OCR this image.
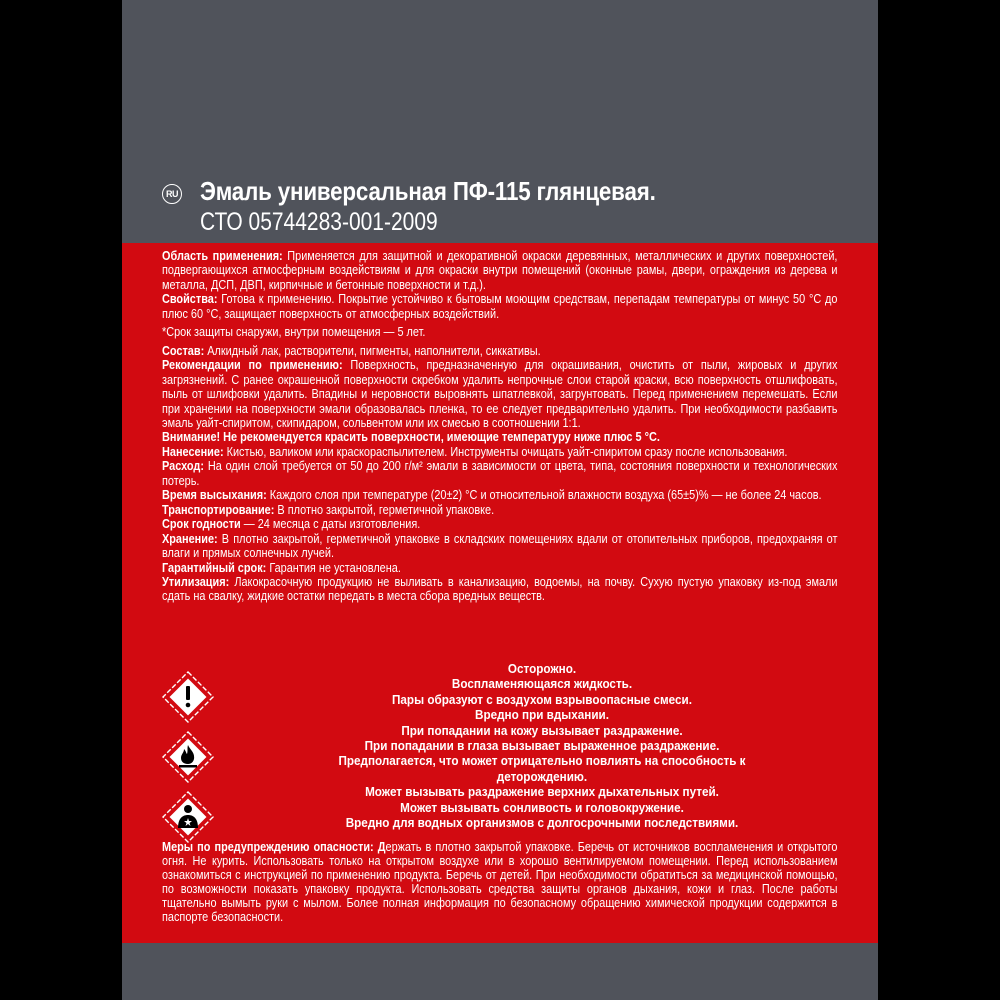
RU Эмаль универсальная ПФ-115 глянцевая.
СТО 05744283-001-2009

Область применения: Применяется для защитной и декоративной окраски деревянных, металлических и других поверхностей, подвергающихся атмосферным воздействиям и для окраски внутри помещений (оконные рамы, двери, ограждения из дерева и металла, ДСП, ДВП, кирпичные и бетонные поверхности и т.д.).

Свойства: Готова к применению. Покрытие устойчиво к бытовым моющим средствам, перепадам температуры от минус 50 °С до плюс 60 °С, защищает поверхность от атмосферных воздействий.

*Срок защиты снаружи, внутри помещения — 5 лет.

Состав: Алкидный лак, растворители, пигменты, наполнители, сиккативы.

Рекомендации по применению: Поверхность, предназначенную для окрашивания, очистить от пыли, жировых и других загрязнений. С ранее окрашенной поверхности скребком удалить непрочные слои старой краски, всю поверхность отшлифовать, пыль от шлифовки удалить. Впадины и неровности выровнять шпатлевкой, загрунтовать. Перед применением перемешать. Если при хранении на поверхности эмали образовалась пленка, то ее следует предварительно удалить. При необходимости разбавить эмаль уайт-спиритом, скипидаром, сольвентом или их смесью в соотношении 1:1.

Внимание! Не рекомендуется красить поверхности, имеющие температуру ниже плюс 5 °С.

Нанесение: Кистью, валиком или краскораспылителем. Инструменты очищать уайт-спиритом сразу после использования.

Расход: На один слой требуется от 50 до 200 г/м² эмали в зависимости от цвета, типа, состояния поверхности и технологических потерь.

Время высыхания: Каждого слоя при температуре (20±2) °С и относительной влажности воздуха (65±5)% — не более 24 часов.

Транспортирование: В плотно закрытой, герметичной упаковке.

Срок годности — 24 месяца с даты изготовления.

Хранение: В плотно закрытой, герметичной упаковке в складских помещениях вдали от отопительных приборов, предохраняя от влаги и прямых солнечных лучей.

Гарантийный срок: Гарантия не установлена.

Утилизация: Лакокрасочную продукцию не выливать в канализацию, водоемы, на почву. Сухую пустую упаковку из-под эмали сдать на свалку, жидкие остатки передать в места сбора вредных веществ.

Осторожно.
Воспламеняющаяся жидкость.
Пары образуют с воздухом взрывоопасные смеси.
Вредно при вдыхании.
При попадании на кожу вызывает раздражение.
При попадании в глаза вызывает выраженное раздражение.
Предполагается, что может отрицательно повлиять на способность к
деторождению.
Может вызывать раздражение верхних дыхательных путей.
Может вызывать сонливость и головокружение.
Вредно для водных организмов с долгосрочными последствиями.
Меры по предупреждению опасности: Держать в плотно закрытой упаковке. Беречь от источников воспламенения и открытого огня. Не курить. Использовать только на открытом воздухе или в хорошо вентилируемом помещении. Перед использованием ознакомиться с инструкцией по применению продукта. Беречь от детей. При необходимости обратиться за медицинской помощью, по возможности показать упаковку продукта. Использовать средства защиты органов дыхания, кожи и глаз. После работы тщательно вымыть руки с мылом. Более полная информация по безопасному обращению химической продукции содержится в паспорте безопасности.
